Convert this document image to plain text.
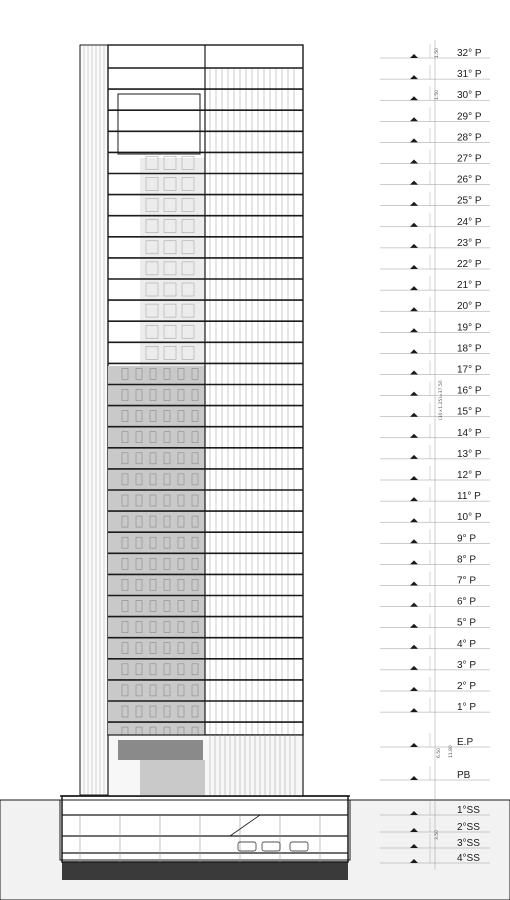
32° P
31° P
30° P
29° P
28° P
27° P
26° P
25° P
24° P
23° P
22° P
21° P
20° P
19° P
18° P
17° P
16° P
15° P
14° P
13° P
12° P
11° P
10° P
9° P
8° P
7° P
6° P
5° P
4° P
3° P
2° P
1° P
E.P
PB
1°SS
2°SS
3°SS
4°SS
1.50
1.50
(30×1.25)=37.50
6.50 11.80
3.50
